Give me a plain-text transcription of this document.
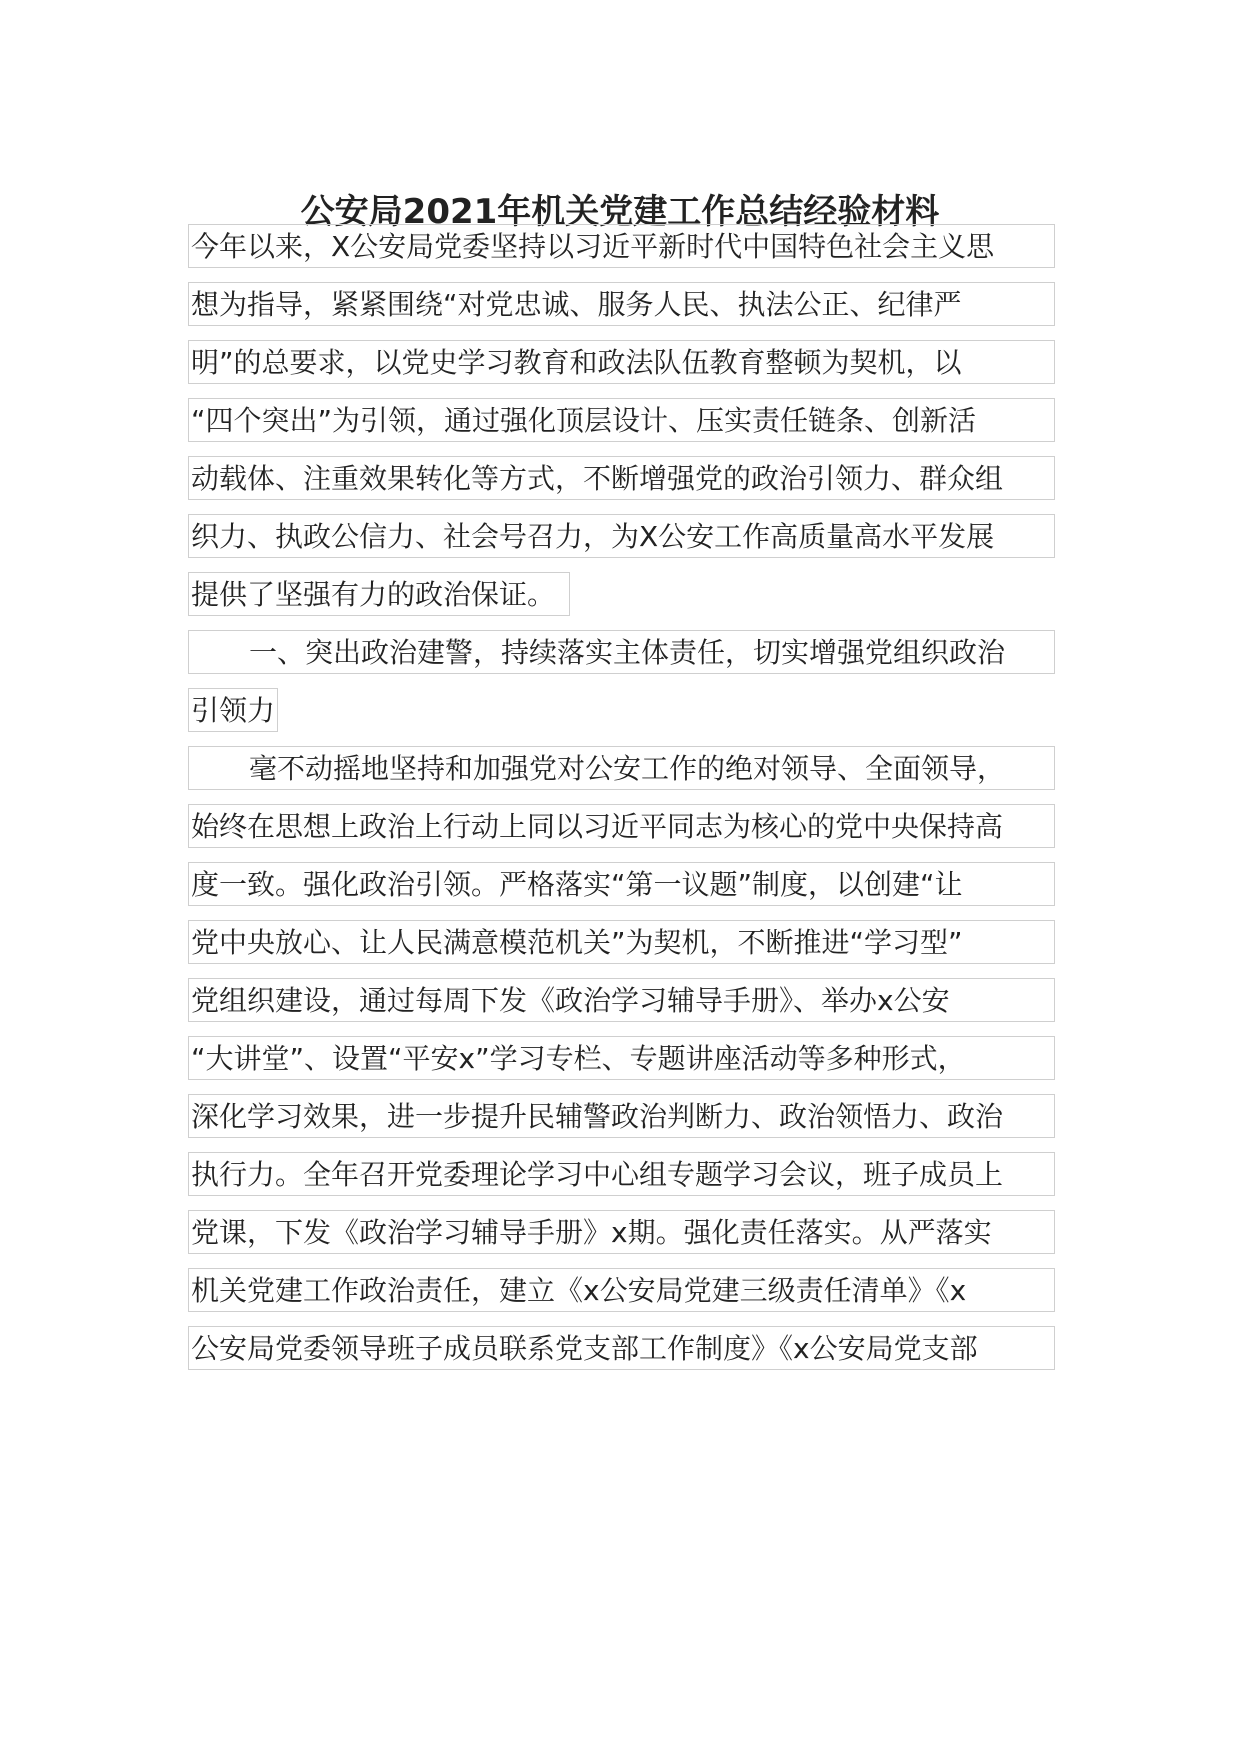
公安局2021年机关党建工作总结经验材料
今年以来，X公安局党委坚持以习近平新时代中国特色社会主义思
想为指导，紧紧围绕“对党忠诚、服务人民、执法公正、纪律严
明”的总要求，以党史学习教育和政法队伍教育整顿为契机，以
“四个突出”为引领，通过强化顶层设计、压实责任链条、创新活
动载体、注重效果转化等方式，不断增强党的政治引领力、群众组
织力、执政公信力、社会号召力，为X公安工作高质量高水平发展
提供了坚强有力的政治保证。
一、突出政治建警，持续落实主体责任，切实增强党组织政治
引领力
毫不动摇地坚持和加强党对公安工作的绝对领导、全面领导，
始终在思想上政治上行动上同以习近平同志为核心的党中央保持高
度一致。强化政治引领。严格落实“第一议题”制度，以创建“让
党中央放心、让人民满意模范机关”为契机，不断推进“学习型”
党组织建设，通过每周下发《政治学习辅导手册》、举办x公安
“大讲堂”、设置“平安x”学习专栏、专题讲座活动等多种形式，
深化学习效果，进一步提升民辅警政治判断力、政治领悟力、政治
执行力。全年召开党委理论学习中心组专题学习会议，班子成员上
党课，下发《政治学习辅导手册》x期。强化责任落实。从严落实
机关党建工作政治责任，建立《x公安局党建三级责任清单》《x
公安局党委领导班子成员联系党支部工作制度》《x公安局党支部
